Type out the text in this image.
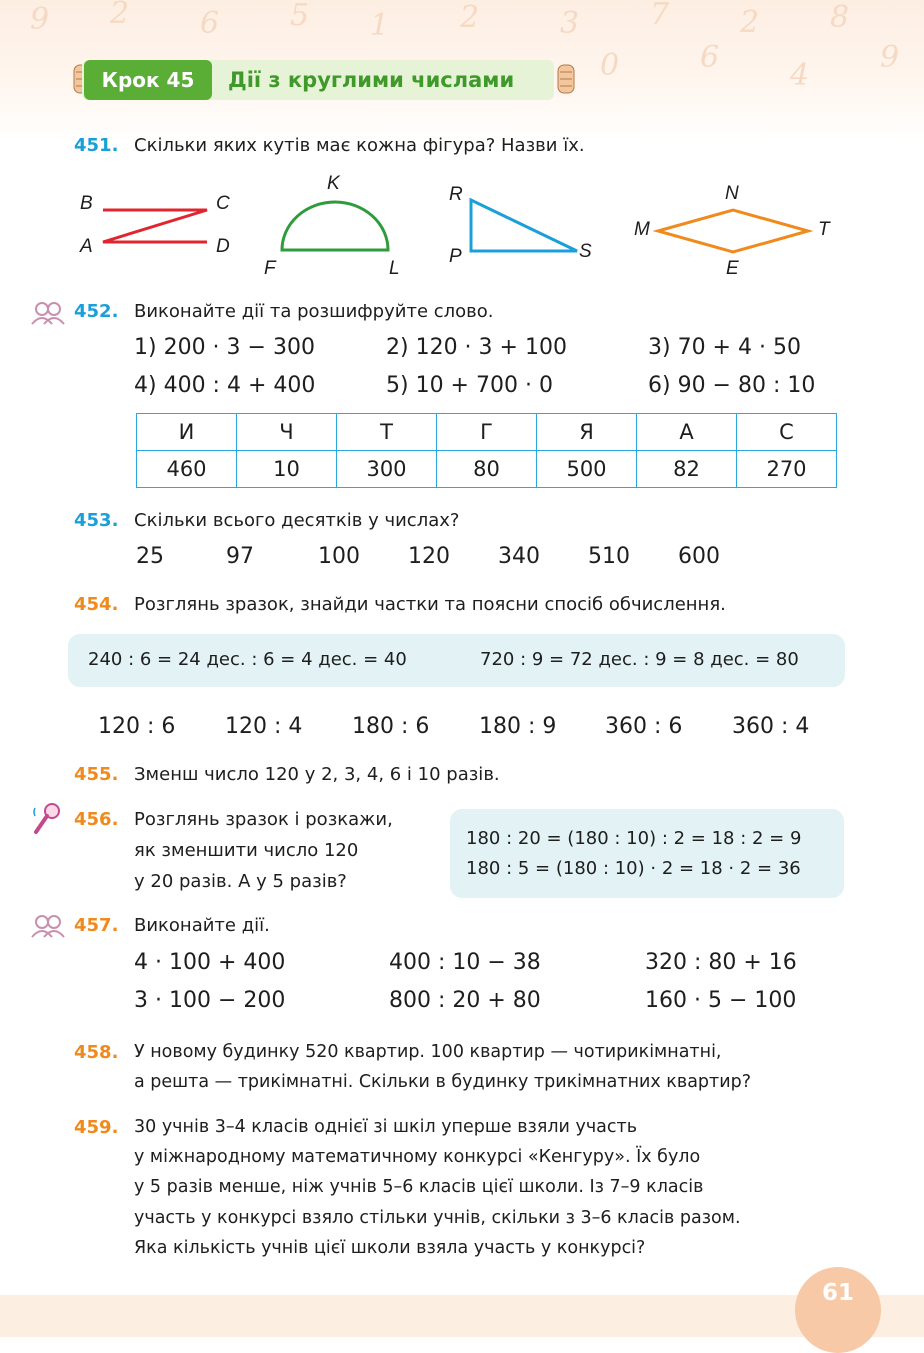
9 2 6 5 1 2	3 7 2 8
9
0	6
4
Крок 45	Дії з круглими числами
451. Скільки яких кутів має кожна фігура? Назви їх.
B	C
A	D
K
F	L
R
P	S
N
M	T
E
452. Виконайте дії та розшифруйте слово.
1) 200 · 3 − 300	2) 120 · 3 + 100	3) 70 + 4 · 50
4) 400 : 4 + 400	5) 10 + 700 · 0	6) 90 − 80 : 10
И	Ч	Т	Г	Я	А	С
460	10	300	80	500	82	270
453. Скільки всього десятків у числах?
25	97	100 120 340 510 600
454. Розглянь зразок, знайди частки та поясни спосіб обчислення.
240 : 6 = 24 дес. : 6 = 4 дес. = 40	720 : 9 = 72 дес. : 9 = 8 дес. = 80
120 : 6 120 : 4 180 : 6 180 : 9 360 : 6 360 : 4
455. Зменш число 120 у 2, 3, 4, 6 і 10 разів.
456. Розглянь зразок і розкажи,
як зменшити число 120
у 20 разів. А у 5 разів?
180 : 20 = (180 : 10) : 2 = 18 : 2 = 9
180 : 5 = (180 : 10) · 2 = 18 · 2 = 36
457. Виконайте дії.
4 · 100 + 400	400 : 10 − 38	320 : 80 + 16
3 · 100 − 200	800 : 20 + 80	160 · 5 − 100
458. У новому будинку 520 квартир. 100 квартир — чотирикімнатні,
а решта — трикімнатні. Скільки в будинку трикімнатних квартир?
459. 30 учнів 3–4 класів однієї зі шкіл уперше взяли участь
у міжнародному математичному конкурсі «Кенгуру». Їх було
у 5 разів менше, ніж учнів 5–6 класів цієї школи. Із 7–9 класів
участь у конкурсі взяло стільки учнів, скільки з 3–6 класів разом.
Яка кількість учнів цієї школи взяла участь у конкурсі?
61
